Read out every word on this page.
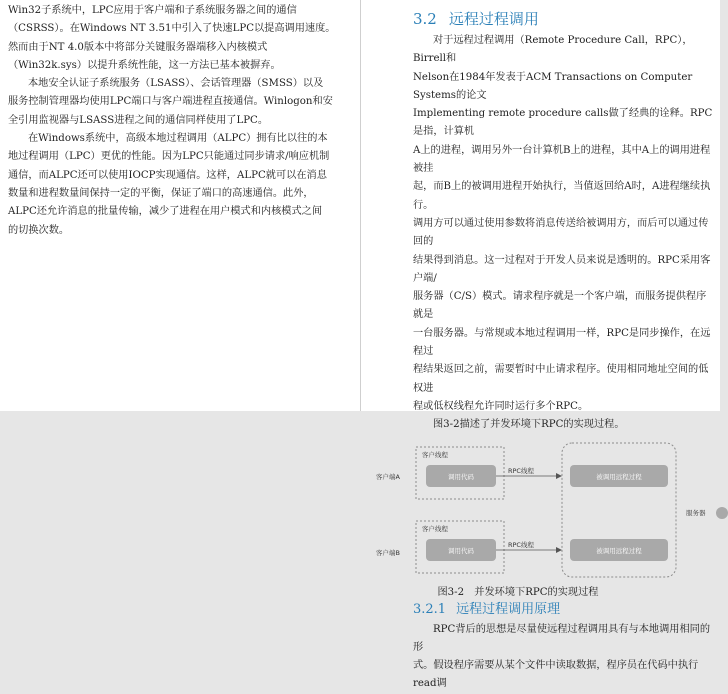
Win32子系统中，LPC应用于客户端和子系统服务器之间的通信
（CSRSS）。在Windows NT 3.51中引入了快速LPC以提高调用速度。
然而由于NT 4.0版本中将部分关键服务器端移入内核模式
（Win32k.sys）以提升系统性能，这一方法已基本被摒弃。

本地安全认证子系统服务（LSASS）、会话管理器（SMSS）以及
服务控制管理器均使用LPC端口与客户端进程直接通信。Winlogon和安
全引用监视器与LSASS进程之间的通信同样使用了LPC。

在Windows系统中，高级本地过程调用（ALPC）拥有比以往的本
地过程调用（LPC）更优的性能。因为LPC只能通过同步请求/响应机制
通信，而ALPC还可以使用IOCP实现通信。这样，ALPC就可以在消息
数量和进程数量间保持一定的平衡，保证了端口的高速通信。此外，
ALPC还允许消息的批量传输，减少了进程在用户模式和内核模式之间
的切换次数。

3.2 远程过程调用

对于远程过程调用（Remote Procedure Call，RPC），Birrell和
Nelson在1984年发表于ACM Transactions on Computer Systems的论文
Implementing remote procedure calls做了经典的诠释。RPC是指，计算机
A上的进程，调用另外一台计算机B上的进程，其中A上的调用进程被挂
起，而B上的被调用进程开始执行，当值返回给A时，A进程继续执行。
调用方可以通过使用参数将消息传送给被调用方，而后可以通过传回的
结果得到消息。这一过程对于开发人员来说是透明的。RPC采用客户端/
服务器（C/S）模式。请求程序就是一个客户端，而服务提供程序就是
一台服务器。与常规或本地过程调用一样，RPC是同步操作，在远程过
程结果返回之前，需要暂时中止请求程序。使用相同地址空间的低权进
程或低权线程允许同时运行多个RPC。

图3-2描述了并发环境下RPC的实现过程。

客户端A
客户线程
调用代码
客户端B
客户线程
调用代码
RPC线程
RPC线程
被调用远程过程
被调用远程过程
服务器
图3-2　并发环境下RPC的实现过程
3.2.1 远程过程调用原理

RPC背后的思想是尽量使远程过程调用具有与本地调用相同的形
式。假设程序需要从某个文件中读取数据，程序员在代码中执行read调
